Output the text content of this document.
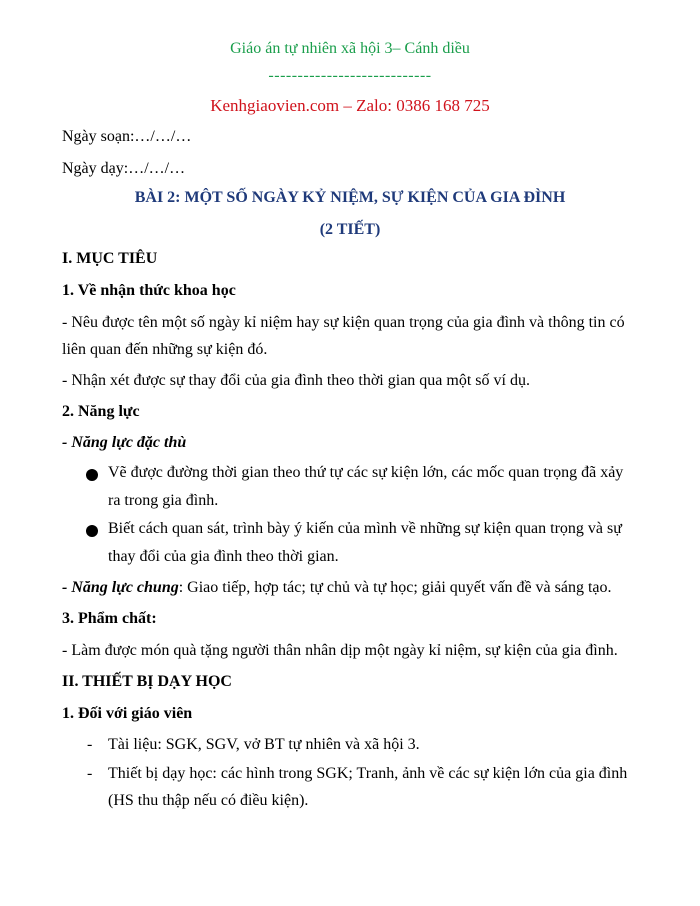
Giáo án tự nhiên xã hội 3– Cánh diều
----------------------------
Kenhgiaovien.com – Zalo: 0386 168 725
Ngày soạn:…/…/…
Ngày dạy:…/…/…
BÀI 2: MỘT SỐ NGÀY KỶ NIỆM, SỰ KIỆN CỦA GIA ĐÌNH
(2 TIẾT)
I. MỤC TIÊU
1. Về nhận thức khoa học
- Nêu được tên một số ngày kỉ niệm hay sự kiện quan trọng của gia đình và thông tin có
liên quan đến những sự kiện đó.
- Nhận xét được sự thay đổi của gia đình theo thời gian qua một số ví dụ.
2. Năng lực
- Năng lực đặc thù
Vẽ được đường thời gian theo thứ tự các sự kiện lớn, các mốc quan trọng đã xảy
ra trong gia đình.
Biết cách quan sát, trình bày ý kiến của mình về những sự kiện quan trọng và sự
thay đổi của gia đình theo thời gian.
- Năng lực chung: Giao tiếp, hợp tác; tự chủ và tự học; giải quyết vấn đề và sáng tạo.
3. Phẩm chất:
- Làm được món quà tặng người thân nhân dịp một ngày kỉ niệm, sự kiện của gia đình.
II. THIẾT BỊ DẠY HỌC
1. Đối với giáo viên
- Tài liệu: SGK, SGV, vở BT tự nhiên và xã hội 3.
- Thiết bị dạy học: các hình trong SGK; Tranh, ảnh về các sự kiện lớn của gia đình
(HS thu thập nếu có điều kiện).
